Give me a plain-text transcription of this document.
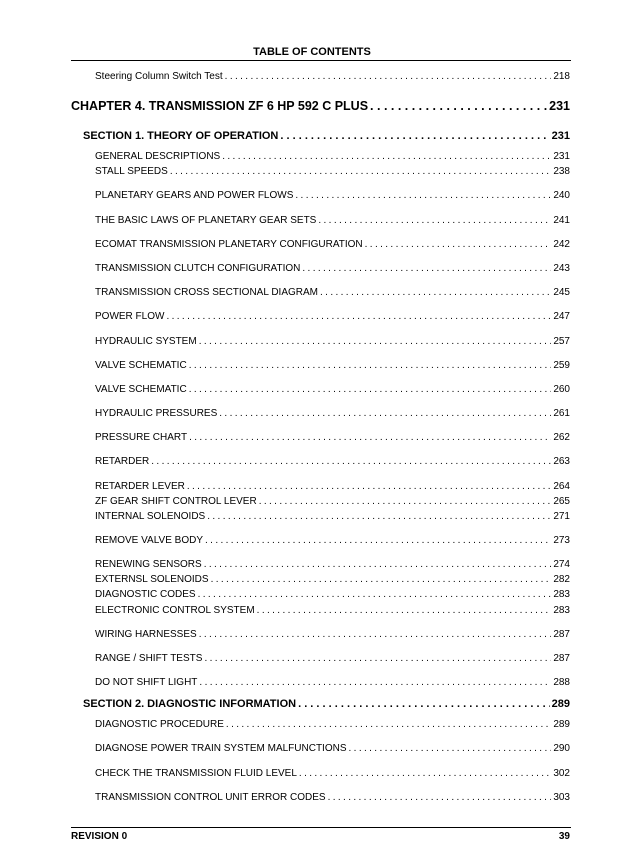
TABLE OF CONTENTS
Steering Column Switch Test . . .	218
CHAPTER 4. TRANSMISSION ZF 6 HP 592 C PLUS . . .	231
SECTION 1. THEORY OF OPERATION . . .	231
GENERAL DESCRIPTIONS . . .	231
STALL SPEEDS . . .	238
PLANETARY GEARS AND POWER FLOWS . . .	240
THE BASIC LAWS OF PLANETARY GEAR SETS . . .	241
ECOMAT TRANSMISSION PLANETARY CONFIGURATION . . .	242
TRANSMISSION CLUTCH CONFIGURATION . . .	243
TRANSMISSION CROSS SECTIONAL DIAGRAM . . .	245
POWER FLOW . . .	247
HYDRAULIC SYSTEM . . .	257
VALVE SCHEMATIC . . .	259
VALVE SCHEMATIC . . .	260
HYDRAULIC PRESSURES . . .	261
PRESSURE CHART . . .	262
RETARDER . . .	263
RETARDER LEVER . . .	264
ZF GEAR SHIFT CONTROL LEVER . . .	265
INTERNAL SOLENOIDS . . .	271
REMOVE VALVE BODY . . .	273
RENEWING SENSORS . . .	274
EXTERNSL SOLENOIDS . . .	282
DIAGNOSTIC CODES . . .	283
ELECTRONIC CONTROL SYSTEM . . .	283
WIRING HARNESSES . . .	287
RANGE / SHIFT TESTS . . .	287
DO NOT SHIFT LIGHT . . .	288
SECTION 2. DIAGNOSTIC INFORMATION . . .	289
DIAGNOSTIC PROCEDURE . . .	289
DIAGNOSE POWER TRAIN SYSTEM MALFUNCTIONS . . .	290
CHECK THE TRANSMISSION FLUID LEVEL . . .	302
TRANSMISSION CONTROL UNIT ERROR CODES . . .	303
REVISION 0	39
